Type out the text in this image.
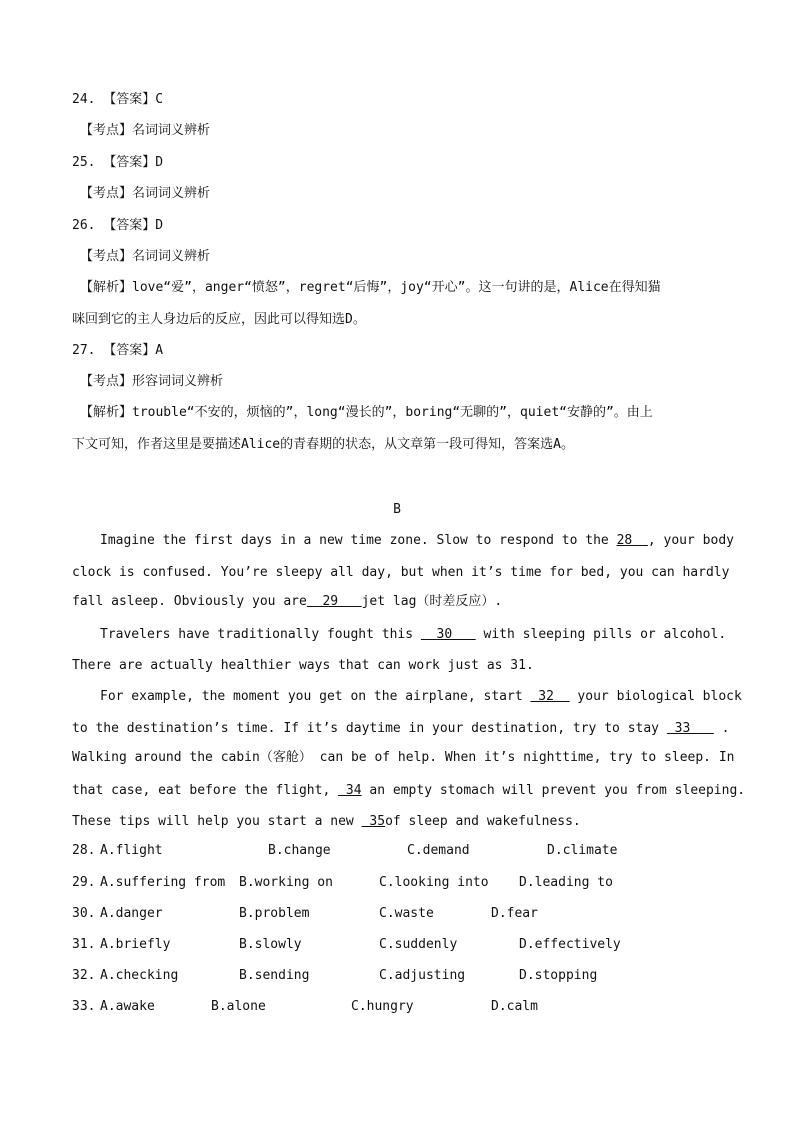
24. 【答案】C
【考点】名词词义辨析
25. 【答案】D
【考点】名词词义辨析
26. 【答案】D
【考点】名词词义辨析
【解析】love“爱”，anger“愤怒”，regret“后悔”，joy“开心”。这一句讲的是，Alice在得知猫
咪回到它的主人身边后的反应，因此可以得知选D。
27. 【答案】A
【考点】形容词词义辨析
【解析】trouble“不安的，烦恼的”，long“漫长的”，boring“无聊的”，quiet“安静的”。由上
下文可知，作者这里是要描述Alice的青春期的状态，从文章第一段可得知，答案选A。
B
Imagine the first days in a new time zone. Slow to respond to the 28  , your body
clock is confused. You’re sleepy all day, but when it’s time for bed, you can hardly
fall asleep. Obviously you are  29   jet lag（时差反应）.
Travelers have traditionally fought this   30    with sleeping pills or alcohol.
There are actually healthier ways that can work just as 31.
For example, the moment you get on the airplane, start  32   your biological block
to the destination’s time. If it’s daytime in your destination, try to stay  33    .
Walking around the cabin（客舱） can be of help. When it’s nighttime, try to sleep. In
that case, eat before the flight,  34 an empty stomach will prevent you from sleeping.
These tips will help you start a new  35of sleep and wakefulness.
28. A.flight	B.change	C.demand	D.climate
29. A.suffering from B.working on	C.looking into D.leading to
30. A.danger	B.problem	C.waste	D.fear
31. A.briefly	B.slowly	C.suddenly	D.effectively
32. A.checking	B.sending	C.adjusting	D.stopping
33. A.awake	B.alone	C.hungry	D.calm
